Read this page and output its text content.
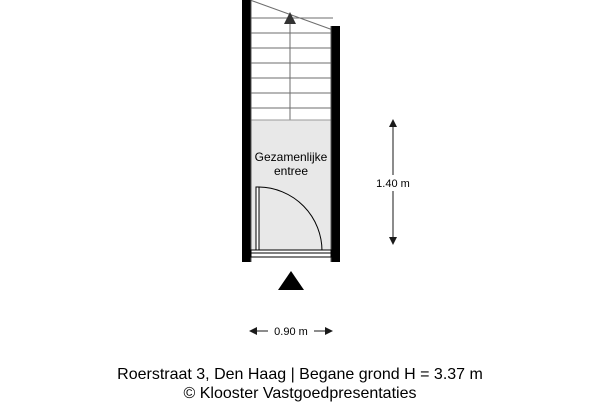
Gezamenlijke
entree
1.40 m
0.90 m
Roerstraat 3, Den Haag | Begane grond H = 3.37 m
© Klooster Vastgoedpresentaties
